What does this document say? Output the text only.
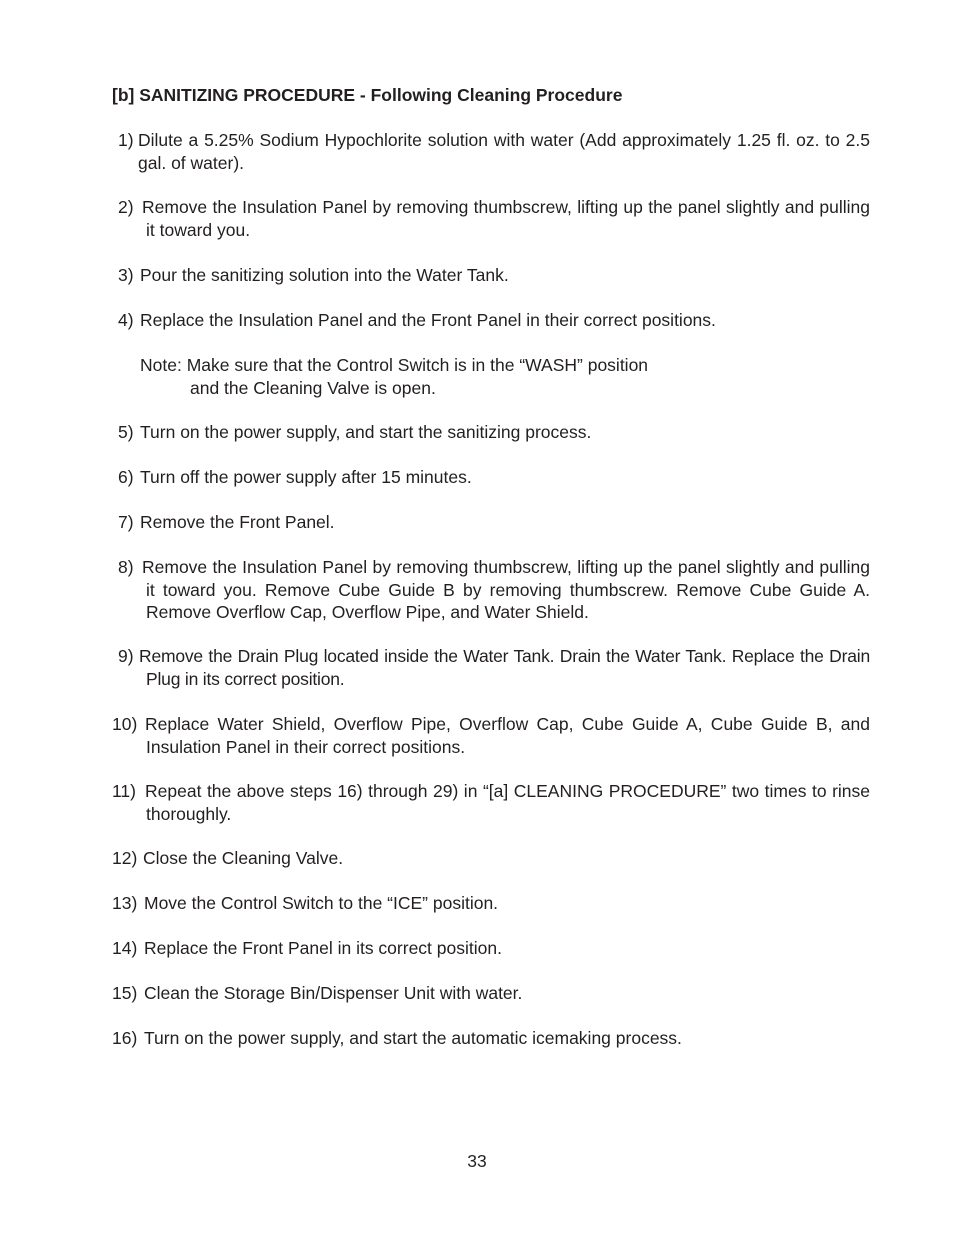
[b] SANITIZING PROCEDURE - Following Cleaning Procedure
1) Dilute a 5.25% Sodium Hypochlorite solution with water (Add approximately 1.25 fl. oz. to 2.5 gal. of water).
2) Remove the Insulation Panel by removing thumbscrew, lifting up the panel slightly and pulling it toward you.
3) Pour the sanitizing solution into the Water Tank.
4) Replace the Insulation Panel and the Front Panel in their correct positions.
Note: Make sure that the Control Switch is in the “WASH” position
and the Cleaning Valve is open.
5) Turn on the power supply, and start the sanitizing process.
6) Turn off the power supply after 15 minutes.
7) Remove the Front Panel.
8) Remove the Insulation Panel by removing thumbscrew, lifting up the panel slightly and pulling it toward you. Remove Cube Guide B by removing thumbscrew. Remove Cube Guide A. Remove Overflow Cap, Overflow Pipe, and Water Shield.
9) Remove the Drain Plug located inside the Water Tank. Drain the Water Tank. Replace the Drain Plug in its correct position.
10) Replace Water Shield, Overflow Pipe, Overflow Cap, Cube Guide A, Cube Guide B, and Insulation Panel in their correct positions.
11) Repeat the above steps 16) through 29) in “[a] CLEANING PROCEDURE” two times to rinse thoroughly.
12) Close the Cleaning Valve.
13) Move the Control Switch to the “ICE” position.
14) Replace the Front Panel in its correct position.
15) Clean the Storage Bin/Dispenser Unit with water.
16) Turn on the power supply, and start the automatic icemaking process.
33
